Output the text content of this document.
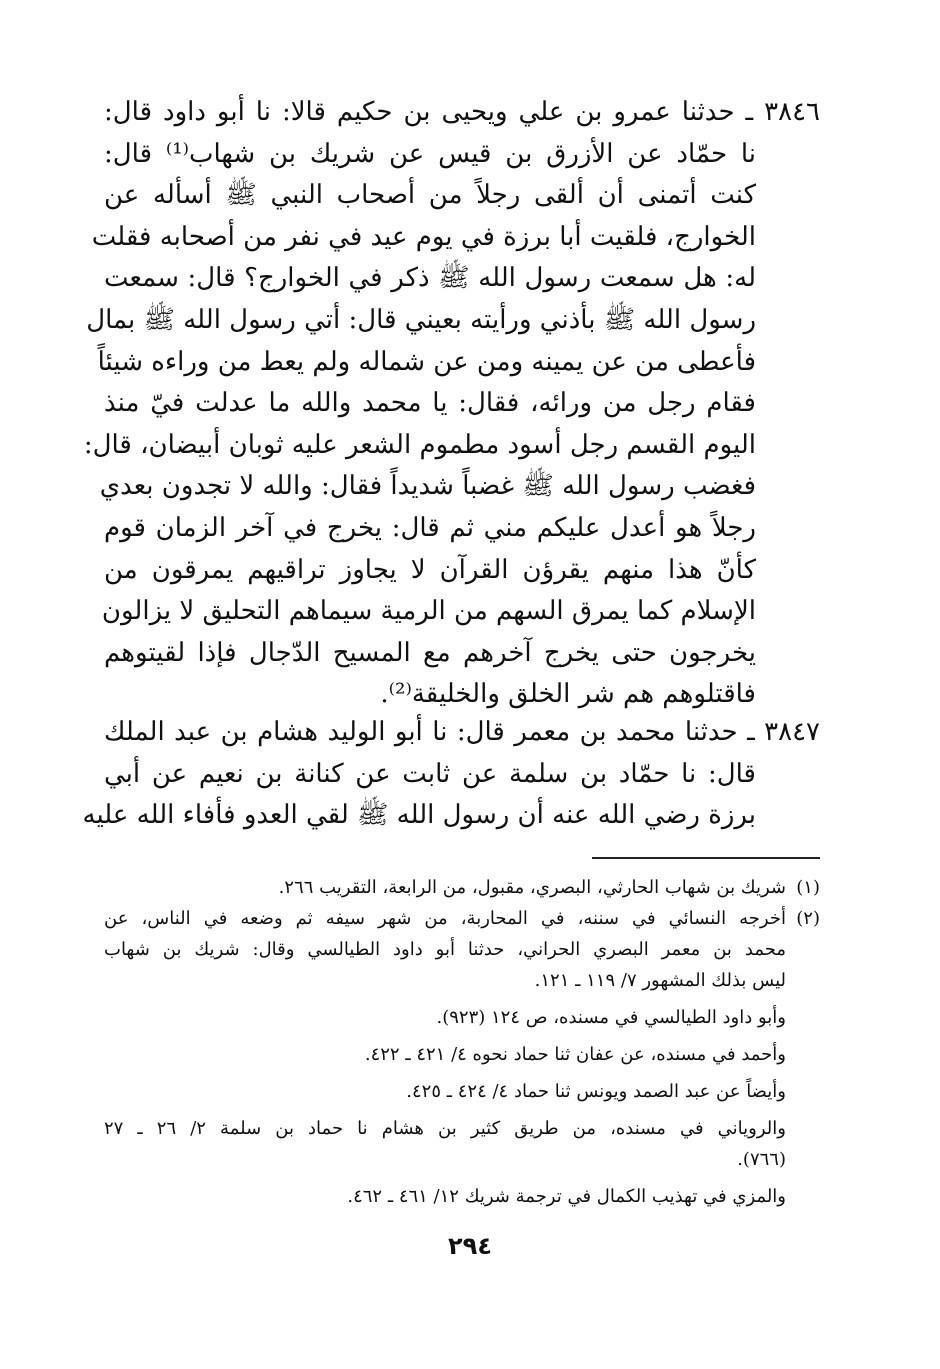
٣٨٤٦ ـ حدثنا عمرو بن علي ويحيى بن حكيم قالا: نا أبو داود قال:
نا حمّاد عن الأزرق بن قيس عن شريك بن شهاب⁽¹⁾ قال:
كنت أتمنى أن ألقى رجلاً من أصحاب النبي ﷺ أسأله عن
الخوارج، فلقيت أبا برزة في يوم عيد في نفر من أصحابه فقلت
له: هل سمعت رسول الله ﷺ ذكر في الخوارج؟ قال: سمعت
رسول الله ﷺ بأذني ورأيته بعيني قال: أتي رسول الله ﷺ بمال
فأعطى من عن يمينه ومن عن شماله ولم يعط من وراءه شيئاً
فقام رجل من ورائه، فقال: يا محمد والله ما عدلت فيّ منذ
اليوم القسم رجل أسود مطموم الشعر عليه ثوبان أبيضان، قال:
فغضب رسول الله ﷺ غضباً شديداً فقال: والله لا تجدون بعدي
رجلاً هو أعدل عليكم مني ثم قال: يخرج في آخر الزمان قوم
كأنّ هذا منهم يقرؤن القرآن لا يجاوز تراقيهم يمرقون من
الإسلام كما يمرق السهم من الرمية سيماهم التحليق لا يزالون
يخرجون حتى يخرج آخرهم مع المسيح الدّجال فإذا لقيتوهم
فاقتلوهم هم شر الخلق والخليقة⁽²⁾.
٣٨٤٧ ـ حدثنا محمد بن معمر قال: نا أبو الوليد هشام بن عبد الملك
قال: نا حمّاد بن سلمة عن ثابت عن كنانة بن نعيم عن أبي
برزة رضي الله عنه أن رسول الله ﷺ لقي العدو فأفاء الله عليه
(١)
شريك بن شهاب الحارثي، البصري، مقبول، من الرابعة، التقريب ٢٦٦.
(٢)
أخرجه النسائي في سننه، في المحاربة، من شهر سيفه ثم وضعه في الناس، عن
محمد بن معمر البصري الحراني، حدثنا أبو داود الطيالسي وقال: شريك بن شهاب
ليس بذلك المشهور ٧/ ١١٩ ـ ١٢١.
وأبو داود الطيالسي في مسنده، ص ١٢٤ (٩٢٣).
وأحمد في مسنده، عن عفان ثنا حماد نحوه ٤/ ٤٢١ ـ ٤٢٢.
وأيضاً عن عبد الصمد ويونس ثنا حماد ٤/ ٤٢٤ ـ ٤٢٥.
والروياني في مسنده، من طريق كثير بن هشام نا حماد بن سلمة ٢/ ٢٦ ـ ٢٧
(٧٦٦).
والمزي في تهذيب الكمال في ترجمة شريك ١٢/ ٤٦١ ـ ٤٦٢.
٢٩٤
